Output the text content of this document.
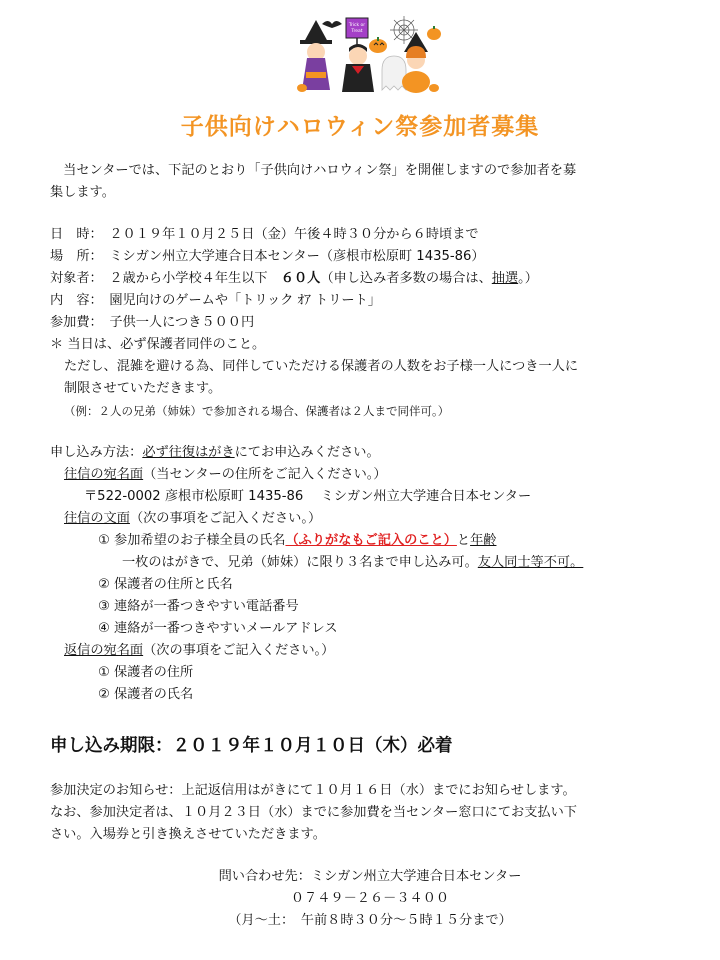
Trick or
Treat
子供向けハロウィン祭参加者募集
　当センターでは、下記のとおり「子供向けハロウィン祭」を開催しますので参加者を募
集します。
日　時：　２０１９年１０月２５日（金）午後４時３０分から６時頃まで
場　所：　ミシガン州立大学連合日本センター（彦根市松原町 1435-86）
対象者：　２歳から小学校４年生以下　６０人（申し込み者多数の場合は、抽選。）
内　容：　園児向けのゲームや「トリック ｵｱ トリート」
参加費：　子供一人につき５００円
＊ 当日は、必ず保護者同伴のこと。
ただし、混雑を避ける為、同伴していただける保護者の人数をお子様一人につき一人に
制限させていただきます。
（例：２人の兄弟（姉妹）で参加される場合、保護者は２人まで同伴可。）
申し込み方法：必ず往復はがきにてお申込みください。
往信の宛名面（当センターの住所をご記入ください。）
〒522-0002 彦根市松原町 1435-86　 ミシガン州立大学連合日本センター
往信の文面（次の事項をご記入ください。）
① 参加希望のお子様全員の氏名（ふりがなもご記入のこと）と年齢
一枚のはがきで、兄弟（姉妹）に限り３名まで申し込み可。友人同士等不可。
② 保護者の住所と氏名
③ 連絡が一番つきやすい電話番号
④ 連絡が一番つきやすいメールアドレス
返信の宛名面（次の事項をご記入ください。）
① 保護者の住所
② 保護者の氏名
申し込み期限：２０１９年１０月１０日（木）必着
参加決定のお知らせ：上記返信用はがきにて１０月１６日（水）までにお知らせします。
なお、参加決定者は、１０月２３日（水）までに参加費を当センター窓口にてお支払い下
さい。入場券と引き換えさせていただきます。
問い合わせ先：ミシガン州立大学連合日本センター
０７４９－２６－３４００
（月～土：　午前８時３０分～５時１５分まで）
